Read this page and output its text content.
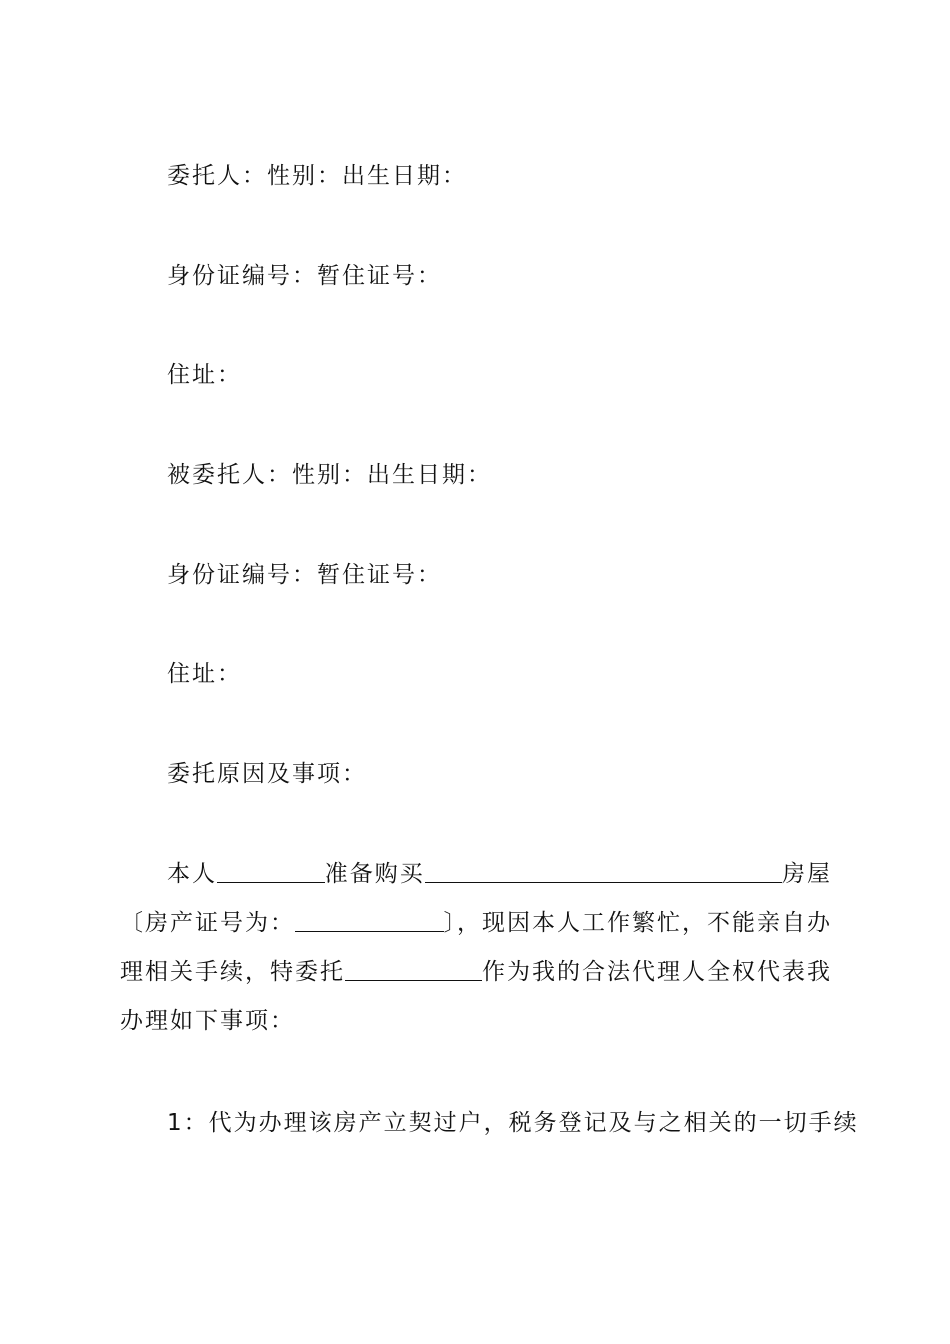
委托人：性别：出生日期：
身份证编号：暂住证号：
住址：
被委托人：性别：出生日期：
身份证编号：暂住证号：
住址：
委托原因及事项：
本人	准备购买	房屋
〔房产证号为：	〕，现因本人工作繁忙，不能亲自办
理相关手续，特委托	作为我的合法代理人全权代表我
办理如下事项：
1：代为办理该房产立契过户，税务登记及与之相关的一切手续
